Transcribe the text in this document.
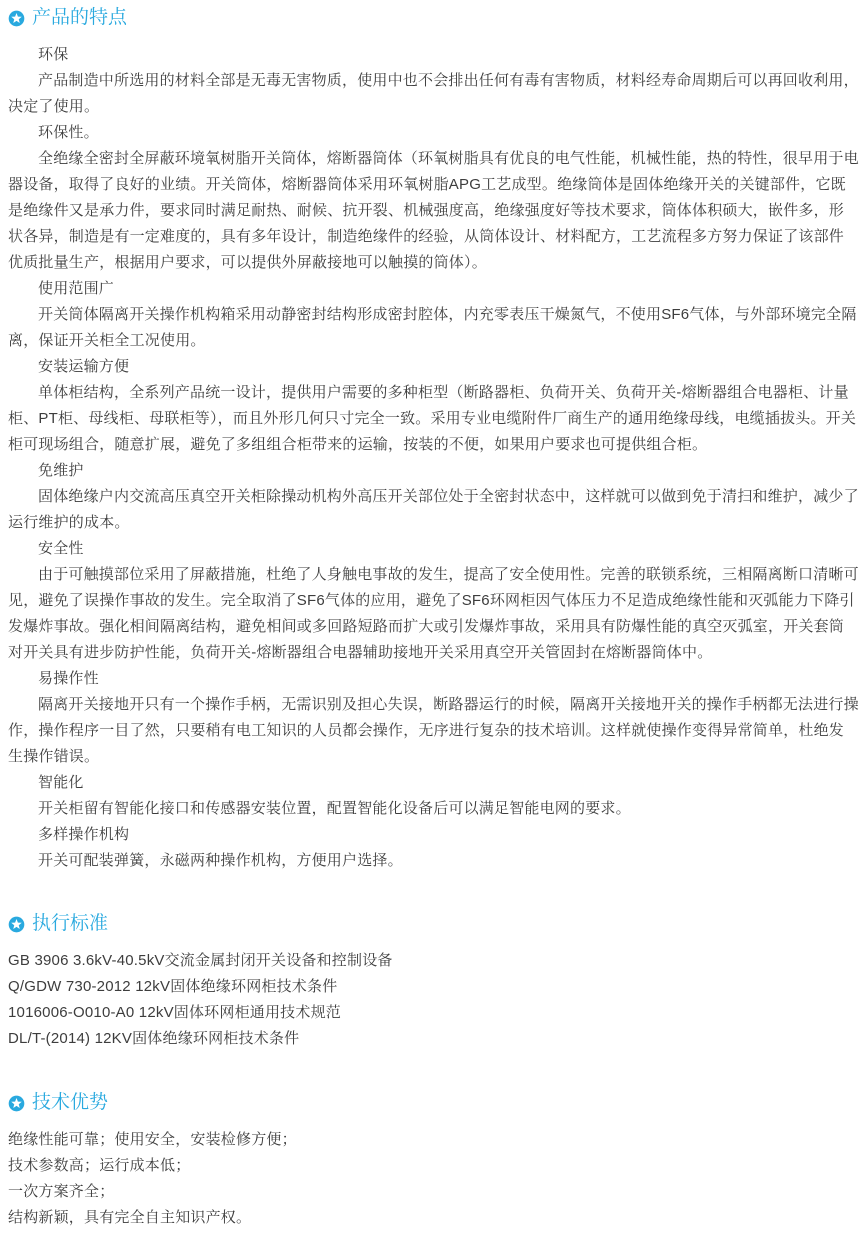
产品的特点

环保

产品制造中所选用的材料全部是无毒无害物质，使用中也不会排出任何有毒有害物质，材料经寿命周期后可以再回收利用，决定了使用。

环保性。

全绝缘全密封全屏蔽环境氧树脂开关筒体，熔断器筒体（环氧树脂具有优良的电气性能，机械性能，热的特性，很早用于电器设备，取得了良好的业绩。开关筒体，熔断器筒体采用环氧树脂APG工艺成型。绝缘筒体是固体绝缘开关的关键部件，它既是绝缘件又是承力件，要求同时满足耐热、耐候、抗开裂、机械强度高，绝缘强度好等技术要求，筒体体积硕大，嵌件多，形状各异，制造是有一定难度的，具有多年设计，制造绝缘件的经验，从筒体设计、材料配方，工艺流程多方努力保证了该部件优质批量生产，根据用户要求，可以提供外屏蔽接地可以触摸的筒体）。

使用范围广

开关筒体隔离开关操作机构箱采用动静密封结构形成密封腔体，内充零表压干燥氮气，不使用SF6气体，与外部环境完全隔离，保证开关柜全工况使用。

安装运输方便

单体柜结构，全系列产品统一设计，提供用户需要的多种柜型（断路器柜、负荷开关、负荷开关-熔断器组合电器柜、计量柜、PT柜、母线柜、母联柜等），而且外形几何只寸完全一致。采用专业电缆附件厂商生产的通用绝缘母线，电缆插拔头。开关柜可现场组合，随意扩展，避免了多组组合柜带来的运输，按装的不便，如果用户要求也可提供组合柜。

免维护

固体绝缘户内交流高压真空开关柜除操动机构外高压开关部位处于全密封状态中，这样就可以做到免于清扫和维护，减少了运行维护的成本。

安全性

由于可触摸部位采用了屏蔽措施，杜绝了人身触电事故的发生，提高了安全使用性。完善的联锁系统，三相隔离断口清晰可见，避免了误操作事故的发生。完全取消了SF6气体的应用，避免了SF6环网柜因气体压力不足造成绝缘性能和灭弧能力下降引发爆炸事故。强化相间隔离结构，避免相间或多回路短路而扩大或引发爆炸事故，采用具有防爆性能的真空灭弧室，开关套筒对开关具有进步防护性能，负荷开关-熔断器组合电器辅助接地开关采用真空开关管固封在熔断器筒体中。

易操作性

隔离开关接地开只有一个操作手柄，无需识别及担心失误，断路器运行的时候，隔离开关接地开关的操作手柄都无法进行操作，操作程序一目了然，只要稍有电工知识的人员都会操作，无序进行复杂的技术培训。这样就使操作变得异常简单，杜绝发生操作错误。

智能化

开关柜留有智能化接口和传感器安装位置，配置智能化设备后可以满足智能电网的要求。

多样操作机构

开关可配装弹簧，永磁两种操作机构，方便用户选择。

执行标准

GB 3906 3.6kV-40.5kV交流金属封闭开关设备和控制设备

Q/GDW 730-2012 12kV固体绝缘环网柜技术条件

1016006-O010-A0 12kV固体环网柜通用技术规范

DL/T-(2014) 12KV固体绝缘环网柜技术条件

技术优势

绝缘性能可靠；使用安全，安装检修方便；

技术参数高；运行成本低；

一次方案齐全；

结构新颖，具有完全自主知识产权。
